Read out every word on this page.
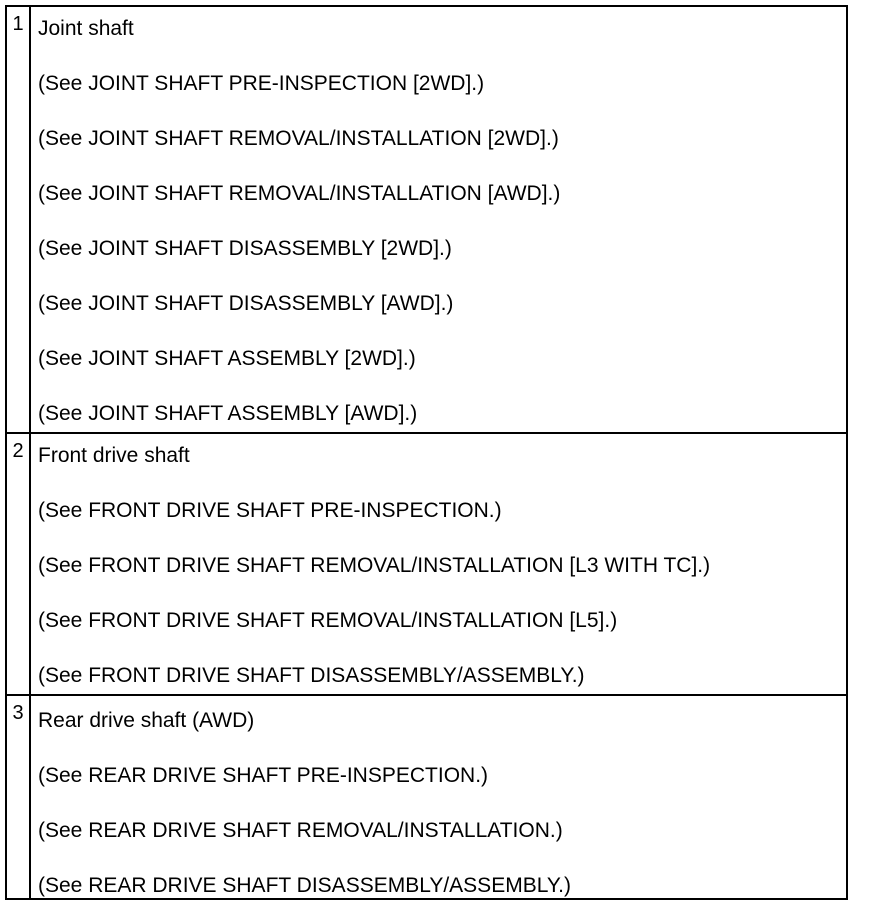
1 Joint shaft
(See JOINT SHAFT PRE-INSPECTION [2WD].)
(See JOINT SHAFT REMOVAL/INSTALLATION [2WD].)
(See JOINT SHAFT REMOVAL/INSTALLATION [AWD].)
(See JOINT SHAFT DISASSEMBLY [2WD].)
(See JOINT SHAFT DISASSEMBLY [AWD].)
(See JOINT SHAFT ASSEMBLY [2WD].)
(See JOINT SHAFT ASSEMBLY [AWD].)
2 Front drive shaft
(See FRONT DRIVE SHAFT PRE-INSPECTION.)
(See FRONT DRIVE SHAFT REMOVAL/INSTALLATION [L3 WITH TC].)
(See FRONT DRIVE SHAFT REMOVAL/INSTALLATION [L5].)
(See FRONT DRIVE SHAFT DISASSEMBLY/ASSEMBLY.)
3 Rear drive shaft (AWD)
(See REAR DRIVE SHAFT PRE-INSPECTION.)
(See REAR DRIVE SHAFT REMOVAL/INSTALLATION.)
(See REAR DRIVE SHAFT DISASSEMBLY/ASSEMBLY.)
